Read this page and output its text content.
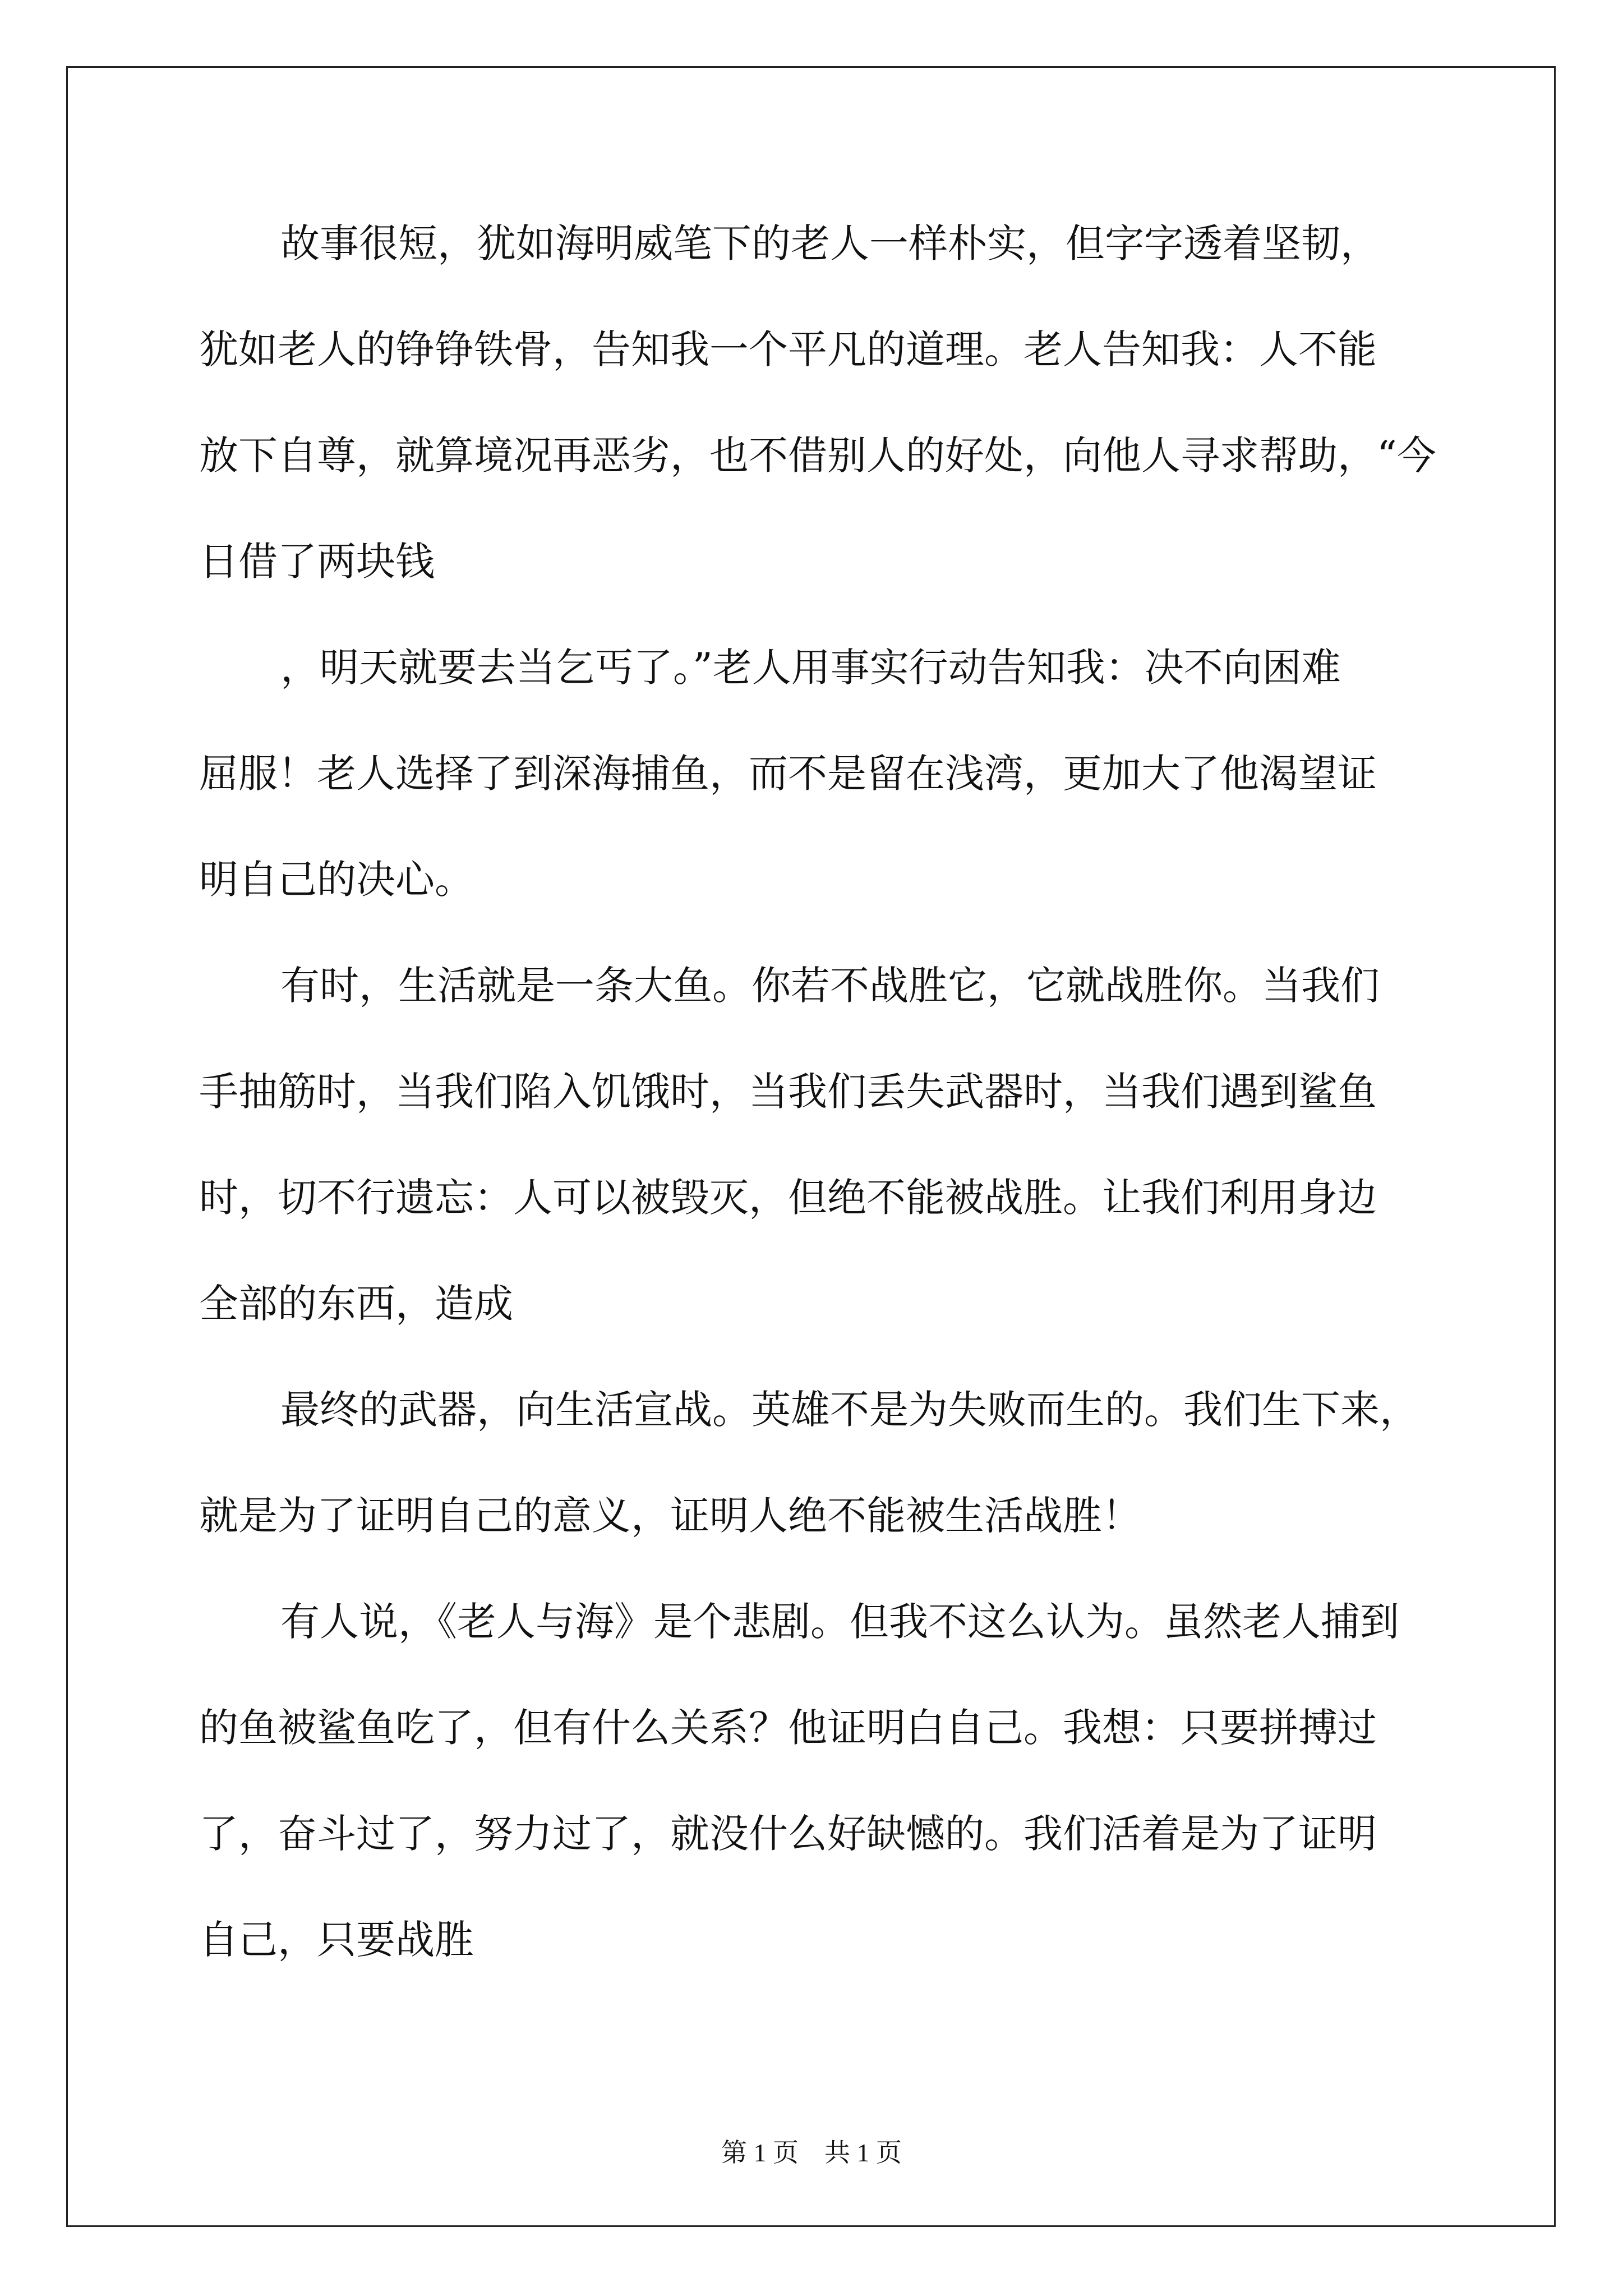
故事很短，犹如海明威笔下的老人一样朴实，但字字透着坚韧，
犹如老人的铮铮铁骨，告知我一个平凡的道理。老人告知我：人不能
放下自尊，就算境况再恶劣，也不借别人的好处，向他人寻求帮助，“今
日借了两块钱
，明天就要去当乞丐了。”老人用事实行动告知我：决不向困难
屈服！老人选择了到深海捕鱼，而不是留在浅湾，更加大了他渴望证
明自己的决心。
有时，生活就是一条大鱼。你若不战胜它，它就战胜你。当我们
手抽筋时，当我们陷入饥饿时，当我们丢失武器时，当我们遇到鲨鱼
时，切不行遗忘：人可以被毁灭，但绝不能被战胜。让我们利用身边
全部的东西，造成
最终的武器，向生活宣战。英雄不是为失败而生的。我们生下来，
就是为了证明自己的意义，证明人绝不能被生活战胜！
有人说，《老人与海》是个悲剧。但我不这么认为。虽然老人捕到
的鱼被鲨鱼吃了，但有什么关系？他证明白自己。我想：只要拼搏过
了，奋斗过了，努力过了，就没什么好缺憾的。我们活着是为了证明
自己，只要战胜
第 1 页　共 1 页
